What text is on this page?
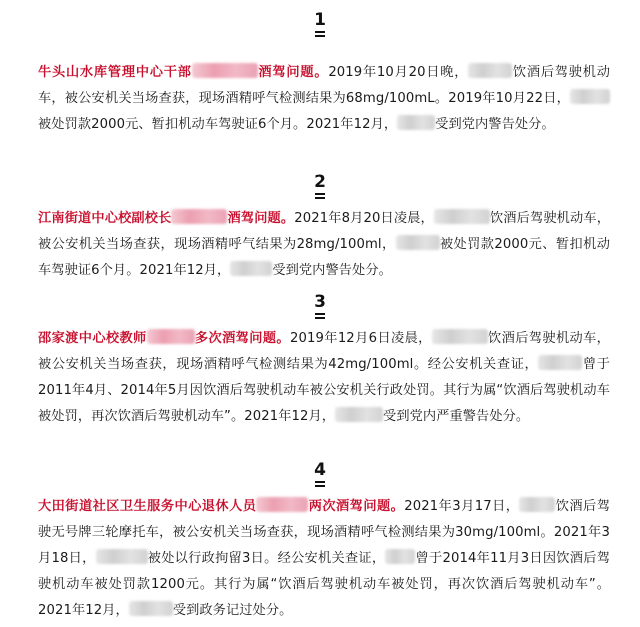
1

牛头山水库管理中心干部	酒驾问题。2019年10月20日晚，	饮酒后驾驶机动车，被公安机关当场查获，现场酒精呼气检测结果为68mg/100mL。2019年10月22日，被处罚款2000元、暂扣机动车驾驶证6个月。2021年12月，	受到党内警告处分。

2

江南街道中心校副校长	酒驾问题。2021年8月20日凌晨，	饮酒后驾驶机动车，被公安机关当场查获，现场酒精呼气结果为28mg/100ml，	被处罚款2000元、暂扣机动车驾驶证6个月。2021年12月，	受到党内警告处分。

3

邵家渡中心校教师	多次酒驾问题。2019年12月6日凌晨，	饮酒后驾驶机动车，被公安机关当场查获，现场酒精呼气检测结果为42mg/100ml。经公安机关查证，	曾于2011年4月、2014年5月因饮酒后驾驶机动车被公安机关行政处罚。其行为属“饮酒后驾驶机动车被处罚，再次饮酒后驾驶机动车”。2021年12月，	受到党内严重警告处分。

4

大田街道社区卫生服务中心退休人员	两次酒驾问题。2021年3月17日，	饮酒后驾驶无号牌三轮摩托车，被公安机关当场查获，现场酒精呼气检测结果为30mg/100ml。2021年3月18日，	被处以行政拘留3日。经公安机关查证， 曾于2014年11月3日因饮酒后驾驶机动车被处罚款1200元。其行为属“饮酒后驾驶机动车被处罚，再次饮酒后驾驶机动车”。2021年12月，	受到政务记过处分。
